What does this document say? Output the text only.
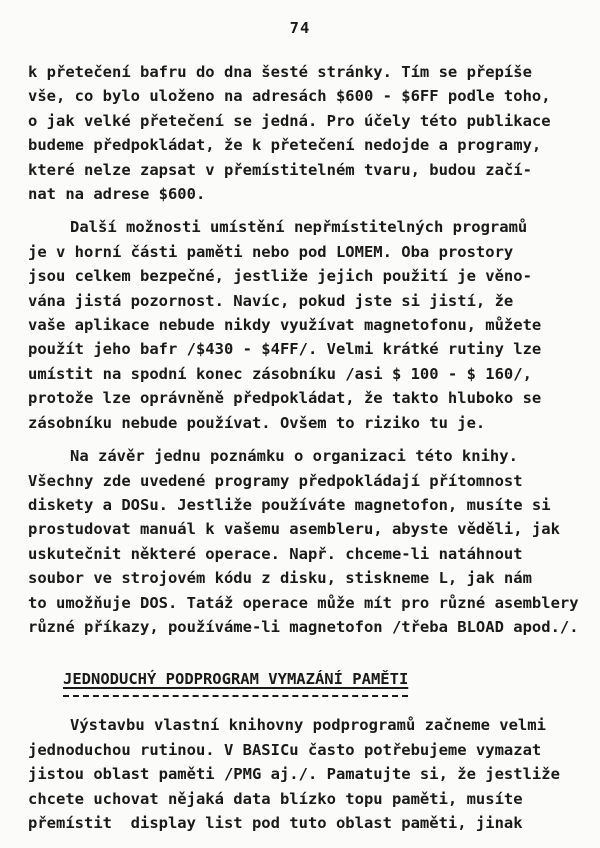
74
k přetečení bafru do dna šesté stránky. Tím se přepíše
vše, co bylo uloženo na adresách $600 - $6FF podle toho,
o jak velké přetečení se jedná. Pro účely této publikace
budeme předpokládat, že k přetečení nedojde a programy,
které nelze zapsat v přemístitelném tvaru, budou začí-
nat na adrese $600.
Další možnosti umístění nepřmístitelných programů
je v horní části paměti nebo pod LOMEM. Oba prostory
jsou celkem bezpečné, jestliže jejich použití je věno-
vána jistá pozornost. Navíc, pokud jste si jistí, že
vaše aplikace nebude nikdy využívat magnetofonu, můžete
použít jeho bafr /$430 - $4FF/. Velmi krátké rutiny lze
umístit na spodní konec zásobníku /asi $ 100 - $ 160/,
protože lze oprávněně předpokládat, že takto hluboko se
zásobníku nebude používat. Ovšem to riziko tu je.
Na závěr jednu poznámku o organizaci této knihy.
Všechny zde uvedené programy předpokládají přítomnost
diskety a DOSu. Jestliže používáte magnetofon, musíte si
prostudovat manuál k vašemu asembleru, abyste věděli, jak
uskutečnit některé operace. Např. chceme-li natáhnout
soubor ve strojovém kódu z disku, stiskneme L, jak nám
to umožňuje DOS. Tatáž operace může mít pro různé asemblery
různé příkazy, používáme-li magnetofon /třeba BLOAD apod./.
JEDNODUCHÝ PODPROGRAM VYMAZÁNÍ PAMĚTI
Výstavbu vlastní knihovny podprogramů začneme velmi
jednoduchou rutinou. V BASICu často potřebujeme vymazat
jistou oblast paměti /PMG aj./. Pamatujte si, že jestliže
chcete uchovat nějaká data blízko topu paměti, musíte
přemístit  display list pod tuto oblast paměti, jinak
